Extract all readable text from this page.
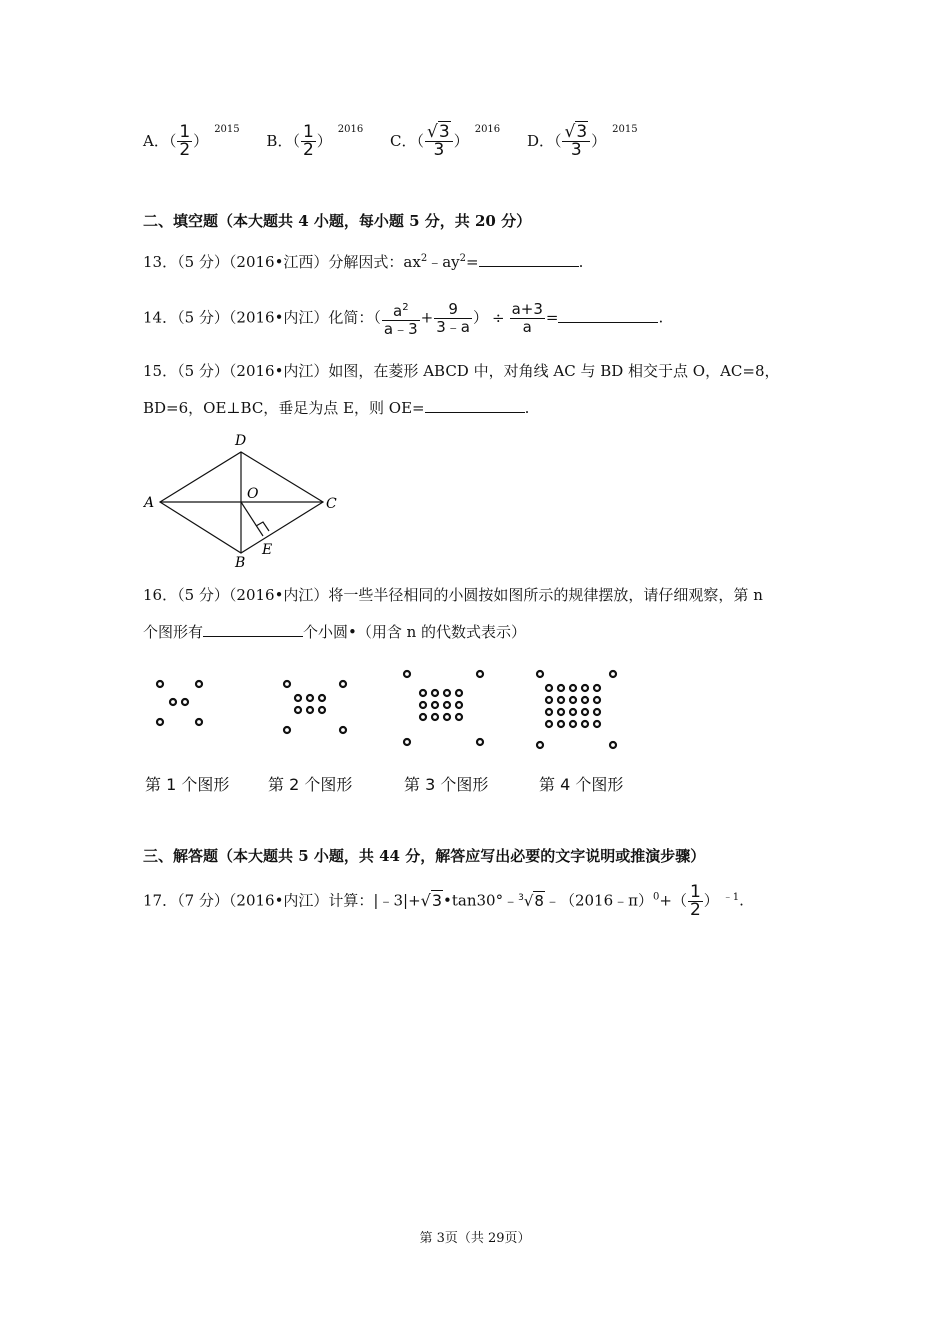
A．（ $\frac{1}{2} )^{2015}$ B．（ $\frac{1}{2} )^{2016}$ C．（ $\frac{√3}{3} )^{2016}$ D．（ $\frac{√3}{3} )^{2015}$
二、填空题（本大题共 4 小题，每小题 5 分，共 20 分）
13．（5 分）（2016•江西）分解因式：$ax^2﹣ay^2=$	.
14．（5 分）（2016•内江）化简：（ $\frac{a^2}{a﹣3} + \frac{9}{3﹣a}$ ） ÷ $\frac{a+3}{a}$ =	.
15．（5 分）（2016•内江）如图，在菱形 ABCD 中，对角线 AC 与 BD 相交于点 O，AC=8，
BD=6，OE⊥BC，垂足为点 E，则 OE=	.
D
A
O
C
B
E
16．（5 分）（2016•内江）将一些半径相同的小圆按如图所示的规律摆放，请仔细观察，第 n
个图形有	个小圆•（用含 n 的代数式表示）
第 1 个图形 第 2 个图形	第 3 个图形	第 4 个图形
三、解答题（本大题共 5 小题，共 44 分，解答应写出必要的文字说明或推演步骤）
17．（7 分）（2016•内江）计算：|﹣3|+√3•tan30°﹣$^3$√8﹣（2016﹣π）$^0$+（ $\frac{1}{2}$ ） $^{﹣1}$.
第 3页（共 29页）
